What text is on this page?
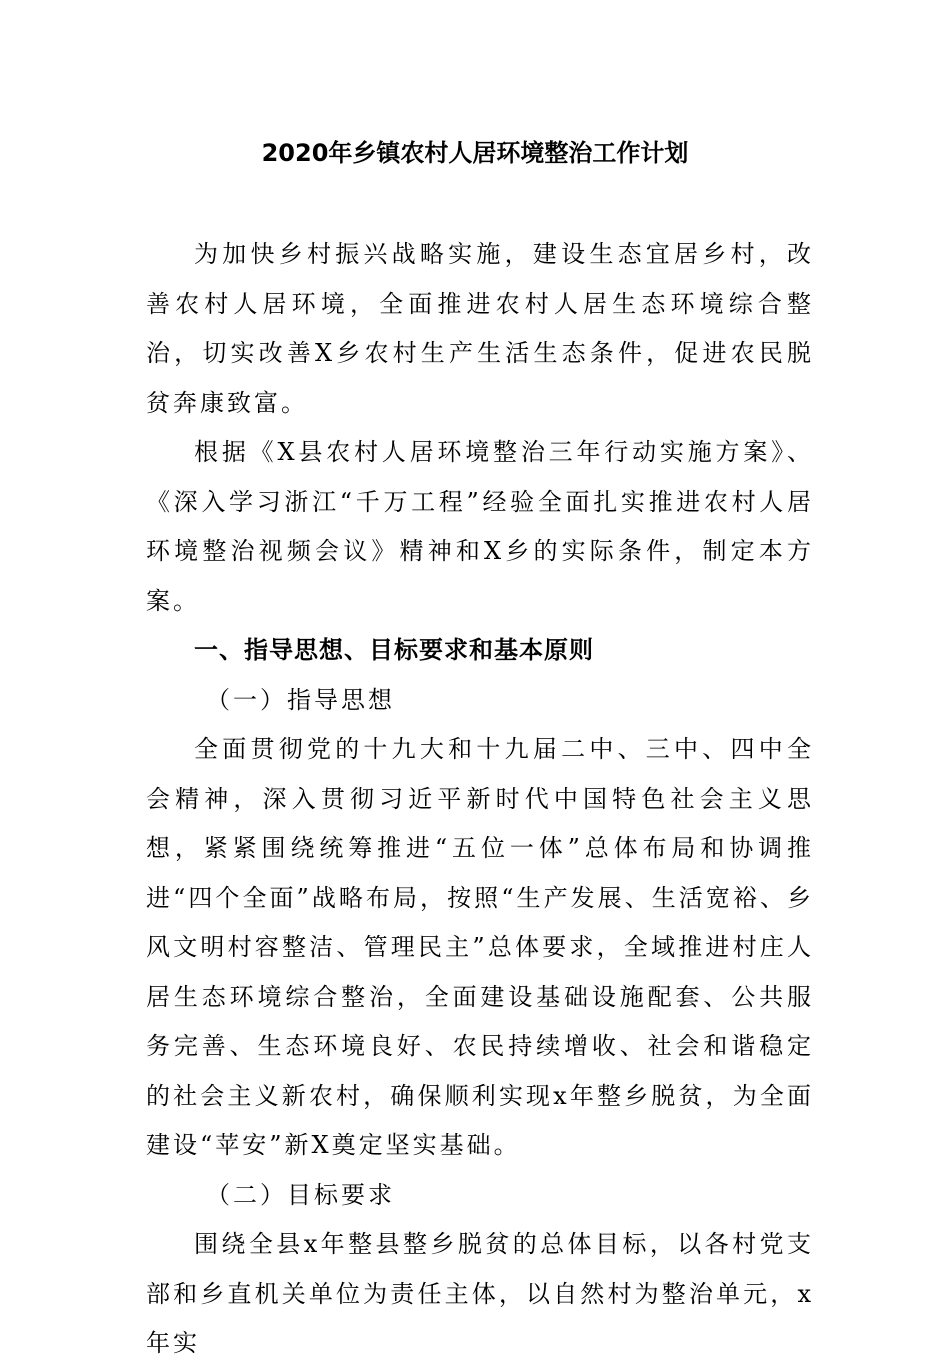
2020年乡镇农村人居环境整治工作计划

为加快乡村振兴战略实施，建设生态宜居乡村，改善农村人居环境，全面推进农村人居生态环境综合整治，切实改善X乡农村生产生活生态条件，促进农民脱贫奔康致富。

根据《X县农村人居环境整治三年行动实施方案》、《深入学习浙江“千万工程”经验全面扎实推进农村人居环境整治视频会议》精神和X乡的实际条件，制定本方案。

一、指导思想、目标要求和基本原则

（一）指导思想

全面贯彻党的十九大和十九届二中、三中、四中全会精神，深入贯彻习近平新时代中国特色社会主义思想，紧紧围绕统筹推进“五位一体”总体布局和协调推进“四个全面”战略布局，按照“生产发展、生活宽裕、乡风文明村容整洁、管理民主”总体要求，全域推进村庄人居生态环境综合整治，全面建设基础设施配套、公共服务完善、生态环境良好、农民持续增收、社会和谐稳定的社会主义新农村，确保顺利实现x年整乡脱贫，为全面建设“苹安”新X奠定坚实基础。

（二）目标要求

围绕全县x年整县整乡脱贫的总体目标，以各村党支部和乡直机关单位为责任主体，以自然村为整治单元，x年实
